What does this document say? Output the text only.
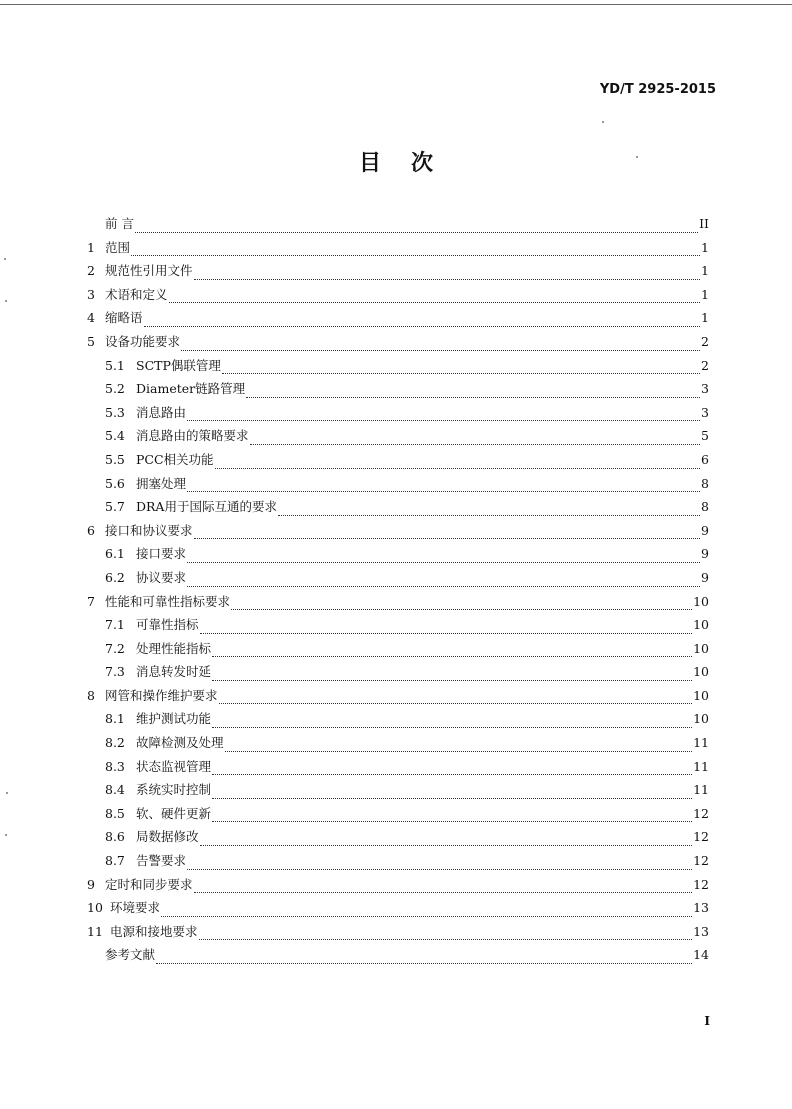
YD/T 2925-2015
目次
前 言	II
1 范围	1
2 规范性引用文件	1
3 术语和定义	1
4 缩略语	1
5 设备功能要求	2
5.1 SCTP偶联管理	2
5.2 Diameter链路管理	3
5.3 消息路由	3
5.4 消息路由的策略要求	5
5.5 PCC相关功能	6
5.6 拥塞处理	8
5.7 DRA用于国际互通的要求	8
6 接口和协议要求	9
6.1 接口要求	9
6.2 协议要求	9
7 性能和可靠性指标要求	10
7.1 可靠性指标	10
7.2 处理性能指标	10
7.3 消息转发时延	10
8 网管和操作维护要求	10
8.1 维护测试功能	10
8.2 故障检测及处理	11
8.3 状态监视管理	11
8.4 系统实时控制	11
8.5 软、硬件更新	12
8.6 局数据修改	12
8.7 告警要求	12
9 定时和同步要求	12
10 环境要求	13
11 电源和接地要求	13
参考文献	14
I
